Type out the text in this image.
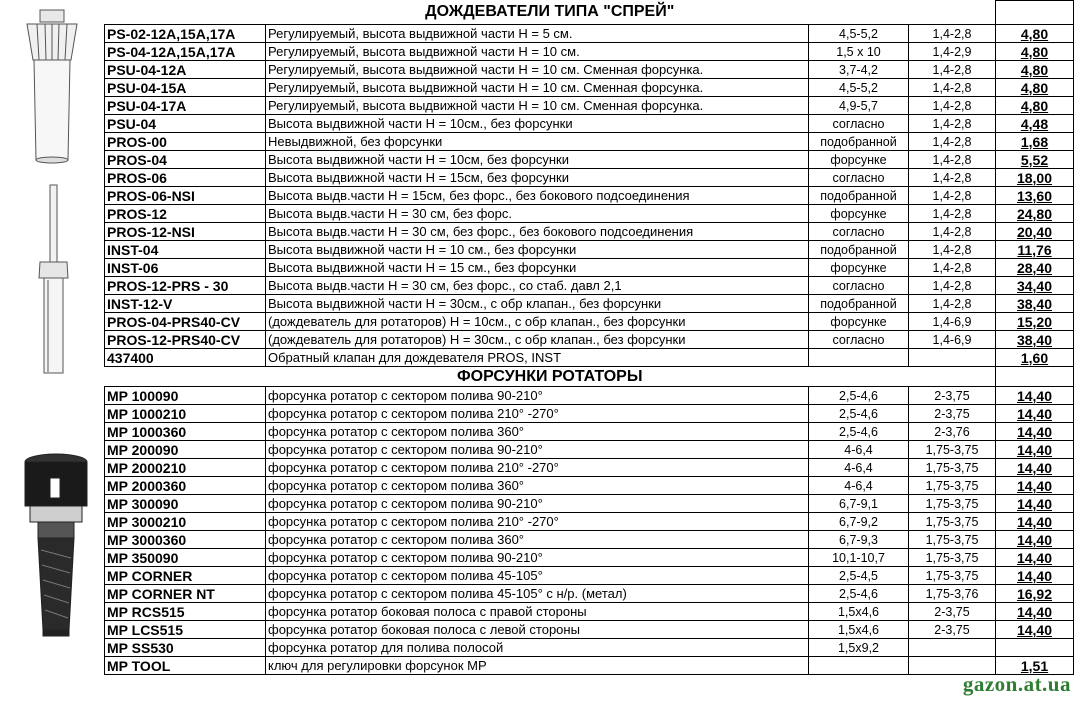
ДОЖДЕВАТЕЛИ ТИПА "СПРЕЙ"				
PS-02-12A,15A,17A	Регулируемый, высота выдвижной части Н = 5 см.	4,5-5,2	1,4-2,8	4,80
PS-04-12A,15A,17A	Регулируемый, высота выдвижной части Н = 10 см.	1,5 х 10	1,4-2,9	4,80
PSU-04-12A	Регулируемый, высота выдвижной части Н = 10 см. Сменная форсунка.	3,7-4,2	1,4-2,8	4,80
PSU-04-15A	Регулируемый, высота выдвижной части Н = 10 см. Сменная форсунка.	4,5-5,2	1,4-2,8	4,80
PSU-04-17A	Регулируемый, высота выдвижной части Н = 10 см. Сменная форсунка.	4,9-5,7	1,4-2,8	4,80
PSU-04	Высота выдвижной части Н = 10см., без форсунки	согласно	1,4-2,8	4,48
PROS-00	Невыдвижной, без форсунки	подобранной	1,4-2,8	1,68
PROS-04	Высота выдвижной части Н = 10см, без форсунки	форсунке	1,4-2,8	5,52
PROS-06	Высота выдвижной части Н = 15см, без форсунки	согласно	1,4-2,8	18,00
PROS-06-NSI	Высота выдв.части Н = 15см, без форс., без бокового подсоединения	подобранной	1,4-2,8	13,60
PROS-12	Высота выдв.части Н = 30 см, без форс.	форсунке	1,4-2,8	24,80
PROS-12-NSI	Высота выдв.части Н = 30 см, без форс., без бокового подсоединения	согласно	1,4-2,8	20,40
INST-04	Высота выдвижной части Н = 10 см., без форсунки	подобранной	1,4-2,8	11,76
INST-06	Высота выдвижной части Н = 15 см., без форсунки	форсунке	1,4-2,8	28,40
PROS-12-PRS - 30	Высота выдв.части Н = 30 см, без форс., со стаб. давл 2,1	согласно	1,4-2,8	34,40
INST-12-V	Высота выдвижной части Н = 30см., с обр клапан., без форсунки	подобранной	1,4-2,8	38,40
PROS-04-PRS40-CV	(дождеватель для ротаторов) Н = 10см., с обр клапан., без форсунки	форсунке	1,4-6,9	15,20
PROS-12-PRS40-CV	(дождеватель для ротаторов) Н = 30см., с обр клапан., без форсунки	согласно	1,4-6,9	38,40
437400	Обратный клапан для дождевателя PROS, INST			1,60
ФОРСУНКИ РОТАТОРЫ				
MP 100090	форсунка ротатор с сектором полива 90-210°	2,5-4,6	2-3,75	14,40
MP 1000210	форсунка ротатор с сектором полива 210° -270°	2,5-4,6	2-3,75	14,40
MP 1000360	форсунка ротатор с сектором полива 360°	2,5-4,6	2-3,76	14,40
MP 200090	форсунка ротатор с сектором полива 90-210°	4-6,4	1,75-3,75	14,40
MP 2000210	форсунка ротатор с сектором полива 210° -270°	4-6,4	1,75-3,75	14,40
MP 2000360	форсунка ротатор с сектором полива 360°	4-6,4	1,75-3,75	14,40
MP 300090	форсунка ротатор с сектором полива 90-210°	6,7-9,1	1,75-3,75	14,40
MP 3000210	форсунка ротатор с сектором полива 210° -270°	6,7-9,2	1,75-3,75	14,40
MP 3000360	форсунка ротатор с сектором полива 360°	6,7-9,3	1,75-3,75	14,40
MP 350090	форсунка ротатор с сектором полива 90-210°	10,1-10,7	1,75-3,75	14,40
MP CORNER	форсунка ротатор с сектором полива 45-105°	2,5-4,5	1,75-3,75	14,40
MP CORNER NT	форсунка ротатор с сектором полива 45-105° с н/р. (метал)	2,5-4,6	1,75-3,76	16,92
MP RCS515	форсунка ротатор боковая полоса с правой стороны	1,5х4,6	2-3,75	14,40
MP LCS515	форсунка ротатор боковая полоса с левой стороны	1,5х4,6	2-3,75	14,40
MP SS530	форсунка ротатор для полива полосой	1,5х9,2		
MP TOOL	ключ для регулировки форсунок МР			1,51
gazon.at.ua
